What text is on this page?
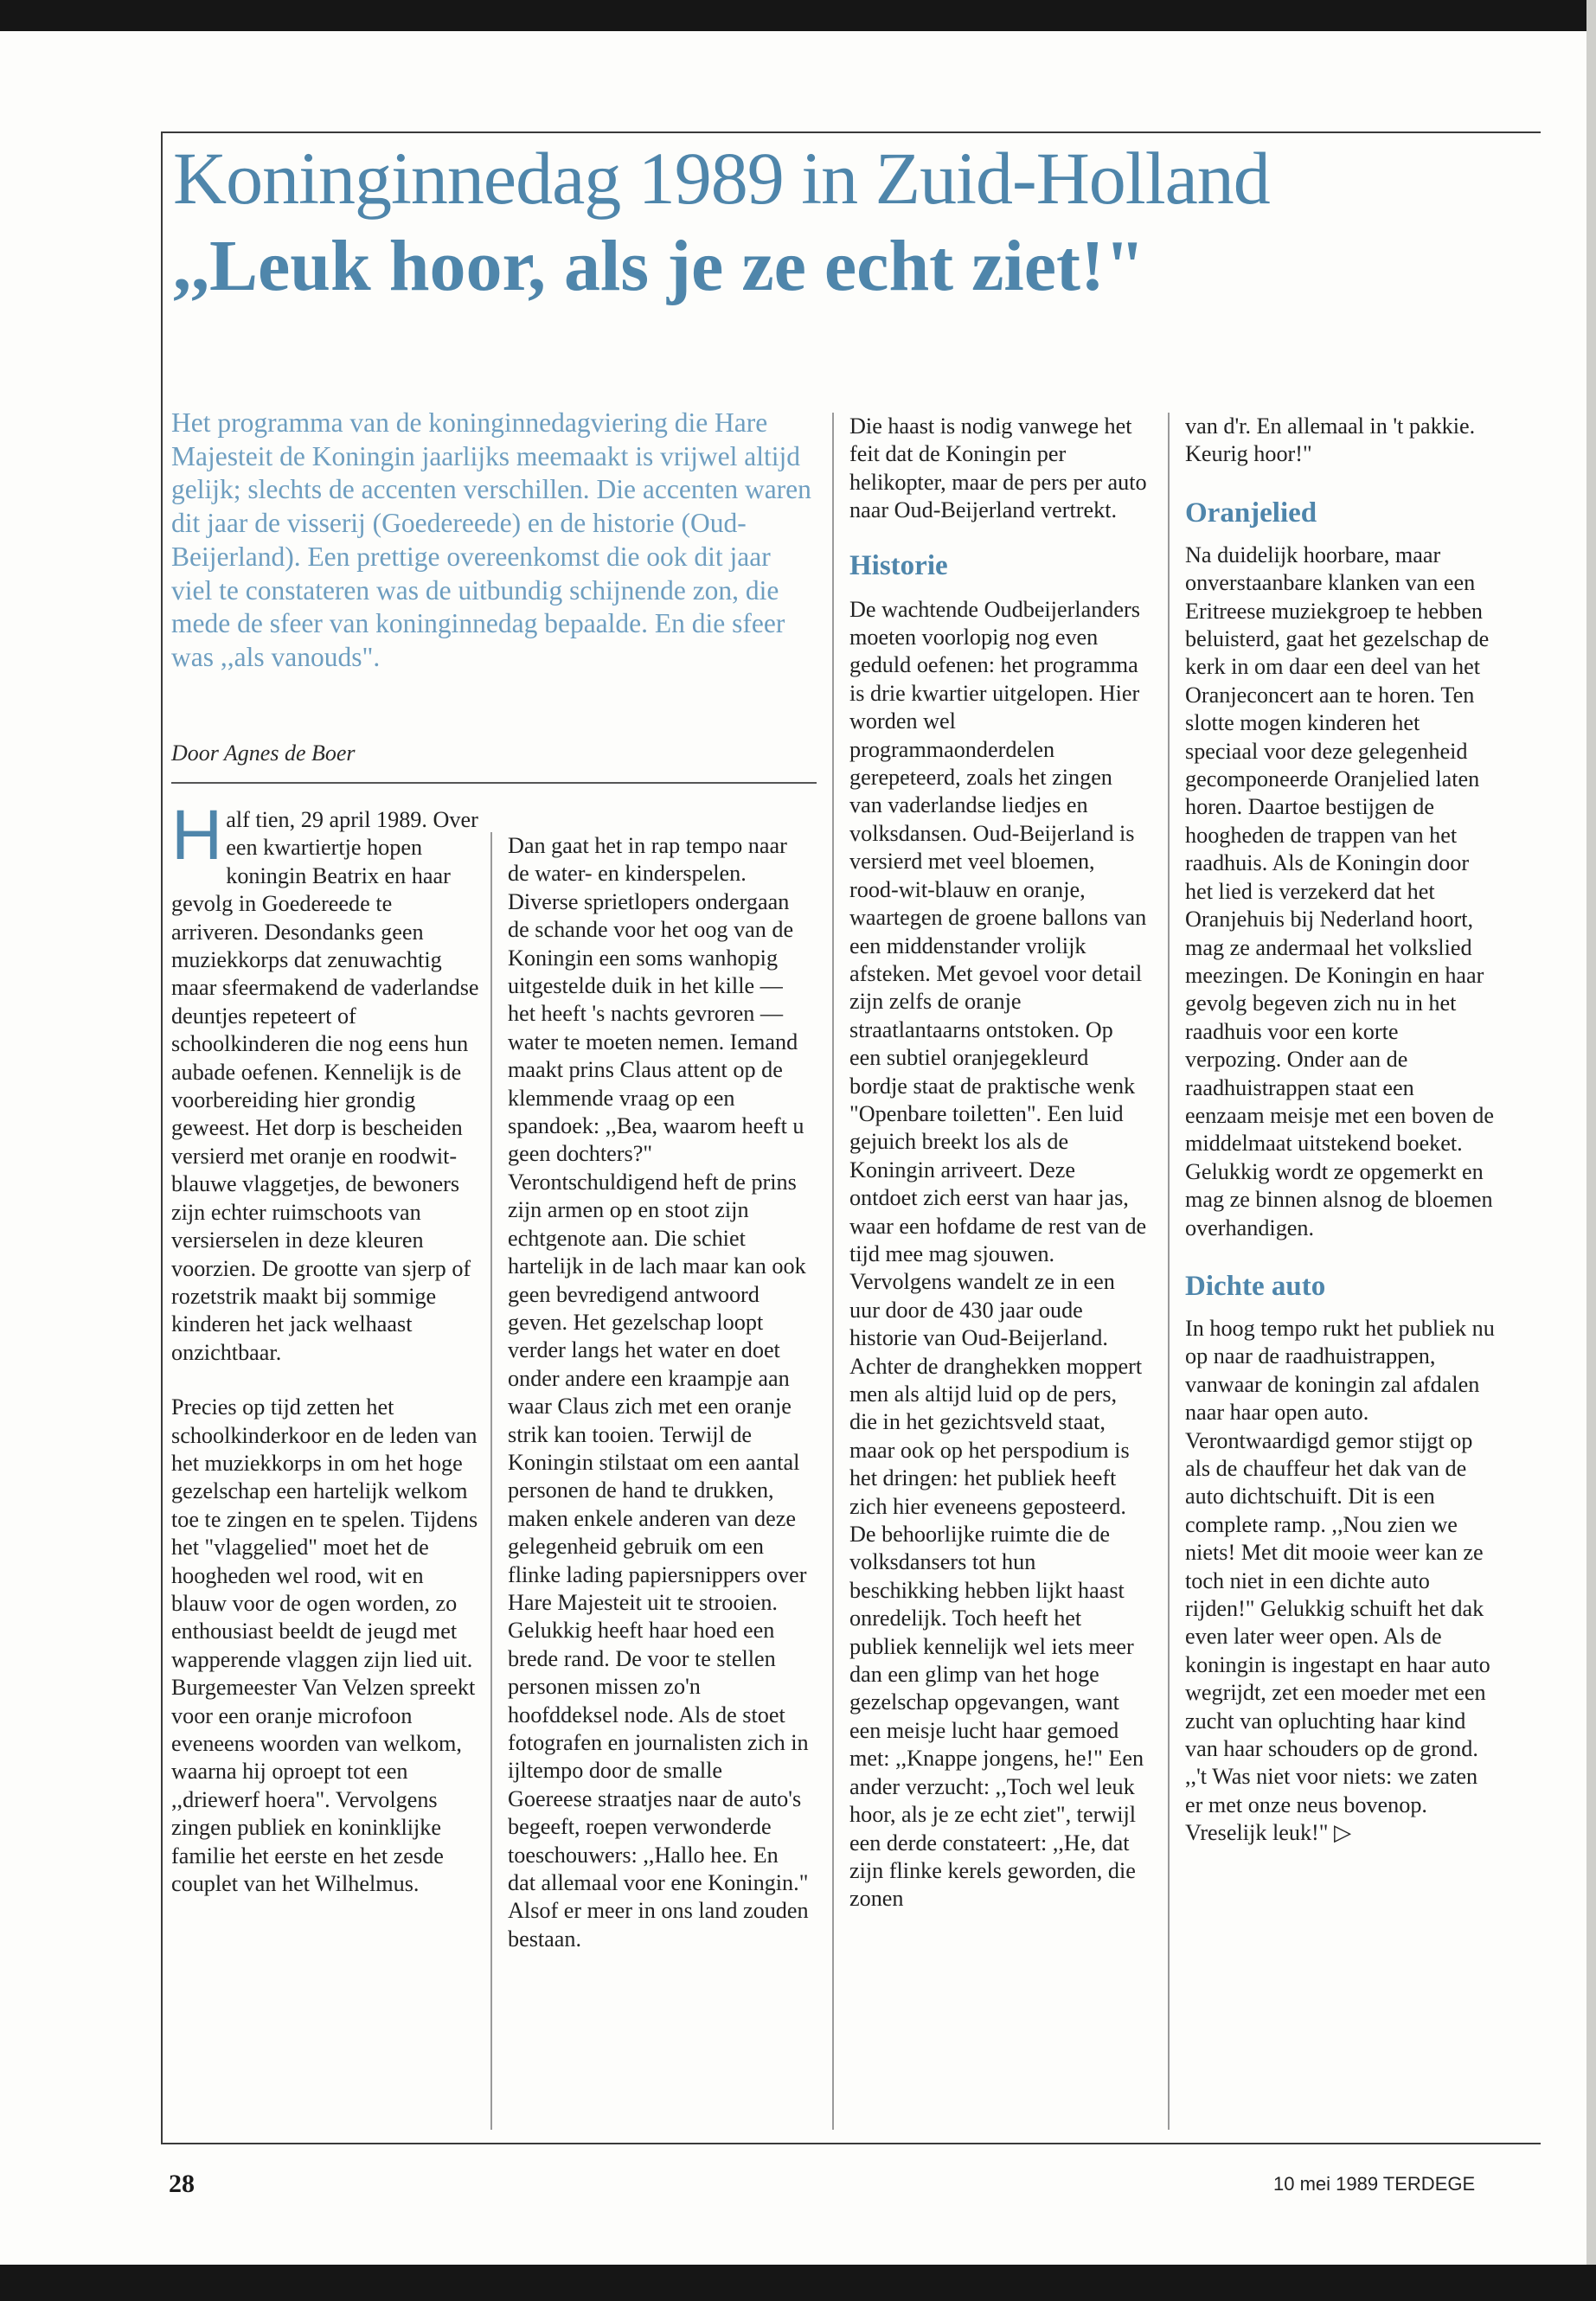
Koninginnedag 1989 in Zuid-Holland
,,Leuk hoor, als je ze echt ziet!"

Het programma van de koninginnedagviering die Hare Majesteit de Koningin jaarlijks meemaakt is vrijwel altijd gelijk; slechts de accenten verschillen. Die accenten waren dit jaar de visserij (Goedereede) en de historie (Oud-Beijerland). Een prettige overeenkomst die ook dit jaar viel te constateren was de uitbundig schijnende zon, die mede de sfeer van koninginnedag bepaalde. En die sfeer was ,,als vanouds".

Door Agnes de Boer

Half tien, 29 april 1989. Over een kwartiertje hopen koningin Beatrix en haar gevolg in Goedereede te arriveren. Desondanks geen muziekkorps dat zenuwachtig maar sfeermakend de vaderlandse deuntjes repeteert of schoolkinderen die nog eens hun aubade oefenen. Kennelijk is de voorbereiding hier grondig geweest. Het dorp is bescheiden versierd met oranje en roodwit-blauwe vlaggetjes, de bewoners zijn echter ruimschoots van versierselen in deze kleuren voorzien. De grootte van sjerp of rozetstrik maakt bij sommige kinderen het jack welhaast onzichtbaar.

Precies op tijd zetten het schoolkinderkoor en de leden van het muziekkorps in om het hoge gezelschap een hartelijk welkom toe te zingen en te spelen. Tijdens het "vlaggelied" moet het de hoogheden wel rood, wit en blauw voor de ogen worden, zo enthousiast beeldt de jeugd met wapperende vlaggen zijn lied uit. Burgemeester Van Velzen spreekt voor een oranje microfoon eveneens woorden van welkom, waarna hij oproept tot een ,,driewerf hoera". Vervolgens zingen publiek en koninklijke familie het eerste en het zesde couplet van het Wilhelmus.

Dan gaat het in rap tempo naar de water- en kinderspelen. Diverse sprietlopers ondergaan de schande voor het oog van de Koningin een soms wanhopig uitgestelde duik in het kille — het heeft 's nachts gevroren — water te moeten nemen. Iemand maakt prins Claus attent op de klemmende vraag op een spandoek: ,,Bea, waarom heeft u geen dochters?" Verontschuldigend heft de prins zijn armen op en stoot zijn echtgenote aan. Die schiet hartelijk in de lach maar kan ook geen bevredigend antwoord geven. Het gezelschap loopt verder langs het water en doet onder andere een kraampje aan waar Claus zich met een oranje strik kan tooien. Terwijl de Koningin stilstaat om een aantal personen de hand te drukken, maken enkele anderen van deze gelegenheid gebruik om een flinke lading papiersnippers over Hare Majesteit uit te strooien. Gelukkig heeft haar hoed een brede rand. De voor te stellen personen missen zo'n hoofddeksel node. Als de stoet fotografen en journalisten zich in ijltempo door de smalle Goereese straatjes naar de auto's begeeft, roepen verwonderde toeschouwers: ,,Hallo hee. En dat allemaal voor ene Koningin." Alsof er meer in ons land zouden bestaan.

Die haast is nodig vanwege het feit dat de Koningin per helikopter, maar de pers per auto naar Oud-Beijerland vertrekt.

Historie

De wachtende Oudbeijerlanders moeten voorlopig nog even geduld oefenen: het programma is drie kwartier uitgelopen. Hier worden wel programmaonderdelen gerepeteerd, zoals het zingen van vaderlandse liedjes en volksdansen. Oud-Beijerland is versierd met veel bloemen, rood-wit-blauw en oranje, waartegen de groene ballons van een middenstander vrolijk afsteken. Met gevoel voor detail zijn zelfs de oranje straatlantaarns ontstoken. Op een subtiel oranjegekleurd bordje staat de praktische wenk "Openbare toiletten". Een luid gejuich breekt los als de Koningin arriveert. Deze ontdoet zich eerst van haar jas, waar een hofdame de rest van de tijd mee mag sjouwen. Vervolgens wandelt ze in een uur door de 430 jaar oude historie van Oud-Beijerland. Achter de dranghekken moppert men als altijd luid op de pers, die in het gezichtsveld staat, maar ook op het perspodium is het dringen: het publiek heeft zich hier eveneens geposteerd. De behoorlijke ruimte die de volksdansers tot hun beschikking hebben lijkt haast onredelijk. Toch heeft het publiek kennelijk wel iets meer dan een glimp van het hoge gezelschap opgevangen, want een meisje lucht haar gemoed met: ,,Knappe jongens, he!" Een ander verzucht: ,,Toch wel leuk hoor, als je ze echt ziet", terwijl een derde constateert: ,,He, dat zijn flinke kerels geworden, die zonen

van d'r. En allemaal in 't pakkie. Keurig hoor!"

Oranjelied

Na duidelijk hoorbare, maar onverstaanbare klanken van een Eritreese muziekgroep te hebben beluisterd, gaat het gezelschap de kerk in om daar een deel van het Oranjeconcert aan te horen. Ten slotte mogen kinderen het speciaal voor deze gelegenheid gecomponeerde Oranjelied laten horen. Daartoe bestijgen de hoogheden de trappen van het raadhuis. Als de Koningin door het lied is verzekerd dat het Oranjehuis bij Nederland hoort, mag ze andermaal het volkslied meezingen. De Koningin en haar gevolg begeven zich nu in het raadhuis voor een korte verpozing. Onder aan de raadhuistrappen staat een eenzaam meisje met een boven de middelmaat uitstekend boeket. Gelukkig wordt ze opgemerkt en mag ze binnen alsnog de bloemen overhandigen.

Dichte auto

In hoog tempo rukt het publiek nu op naar de raadhuistrappen, vanwaar de koningin zal afdalen naar haar open auto. Verontwaardigd gemor stijgt op als de chauffeur het dak van de auto dichtschuift. Dit is een complete ramp. ,,Nou zien we niets! Met dit mooie weer kan ze toch niet in een dichte auto rijden!" Gelukkig schuift het dak even later weer open. Als de koningin is ingestapt en haar auto wegrijdt, zet een moeder met een zucht van opluchting haar kind van haar schouders op de grond. ,,'t Was niet voor niets: we zaten er met onze neus bovenop. Vreselijk leuk!" ▷

28	10 mei 1989 TERDEGE
